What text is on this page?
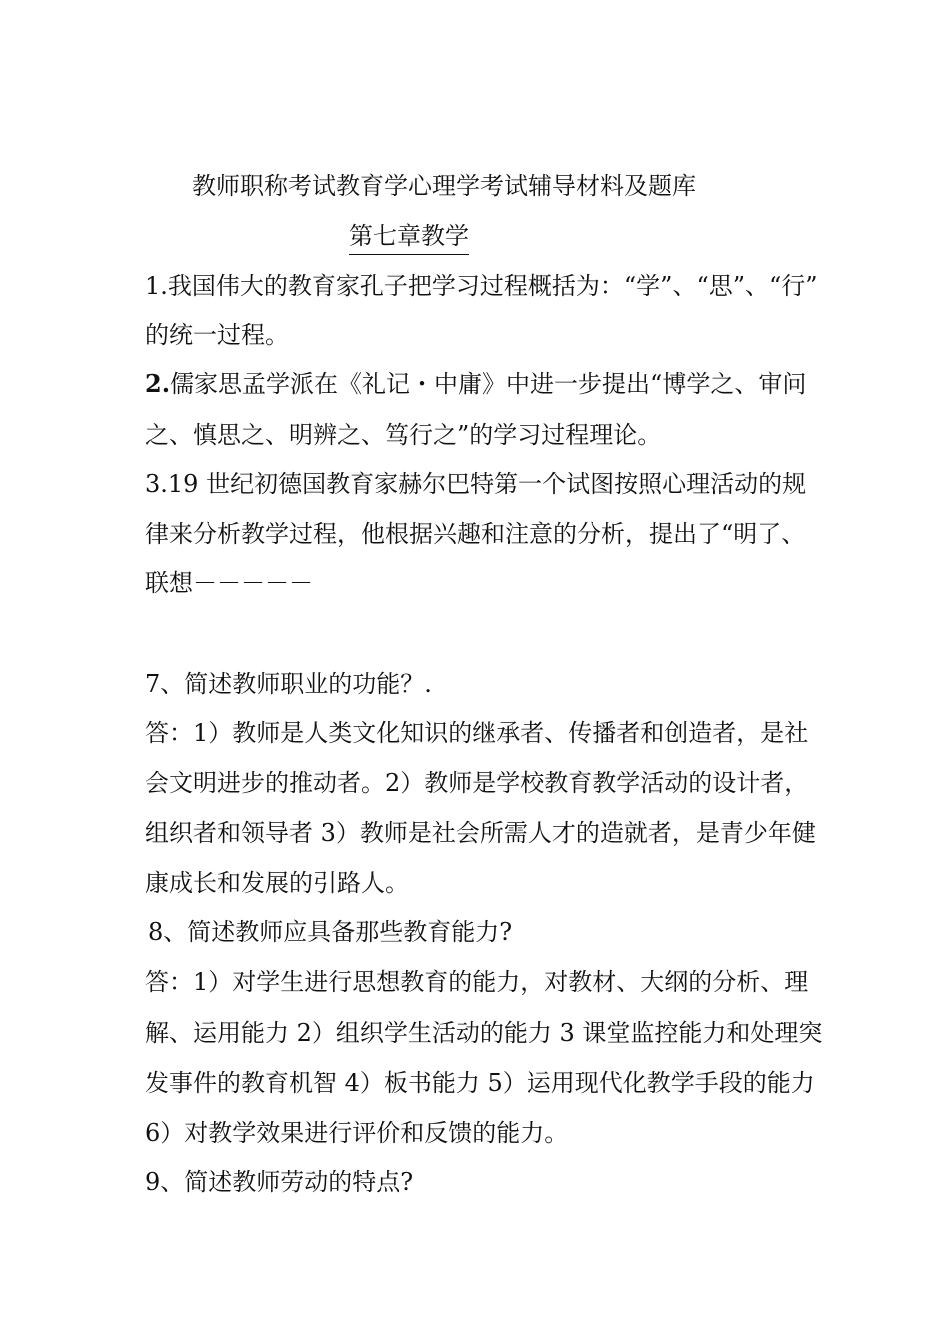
教师职称考试教育学心理学考试辅导材料及题库
第七章教学
1.我国伟大的教育家孔子把学习过程概括为：“学”、“思”、“行”
的统一过程。
2.儒家思孟学派在《礼记・中庸》中进一步提出“博学之、审问
之、慎思之、明辨之、笃行之”的学习过程理论。
3.19 世纪初德国教育家赫尔巴特第一个试图按照心理活动的规
律来分析教学过程，他根据兴趣和注意的分析，提出了“明了、
联想－－－－－
7、简述教师职业的功能？.
答：1）教师是人类文化知识的继承者、传播者和创造者，是社
会文明进步的推动者。2）教师是学校教育教学活动的设计者，
组织者和领导者 3）教师是社会所需人才的造就者，是青少年健
康成长和发展的引路人。
8、简述教师应具备那些教育能力?
答：1）对学生进行思想教育的能力，对教材、大纲的分析、理
解、运用能力 2）组织学生活动的能力 3 课堂监控能力和处理突
发事件的教育机智 4）板书能力 5）运用现代化教学手段的能力
6）对教学效果进行评价和反馈的能力。
9、简述教师劳动的特点?
